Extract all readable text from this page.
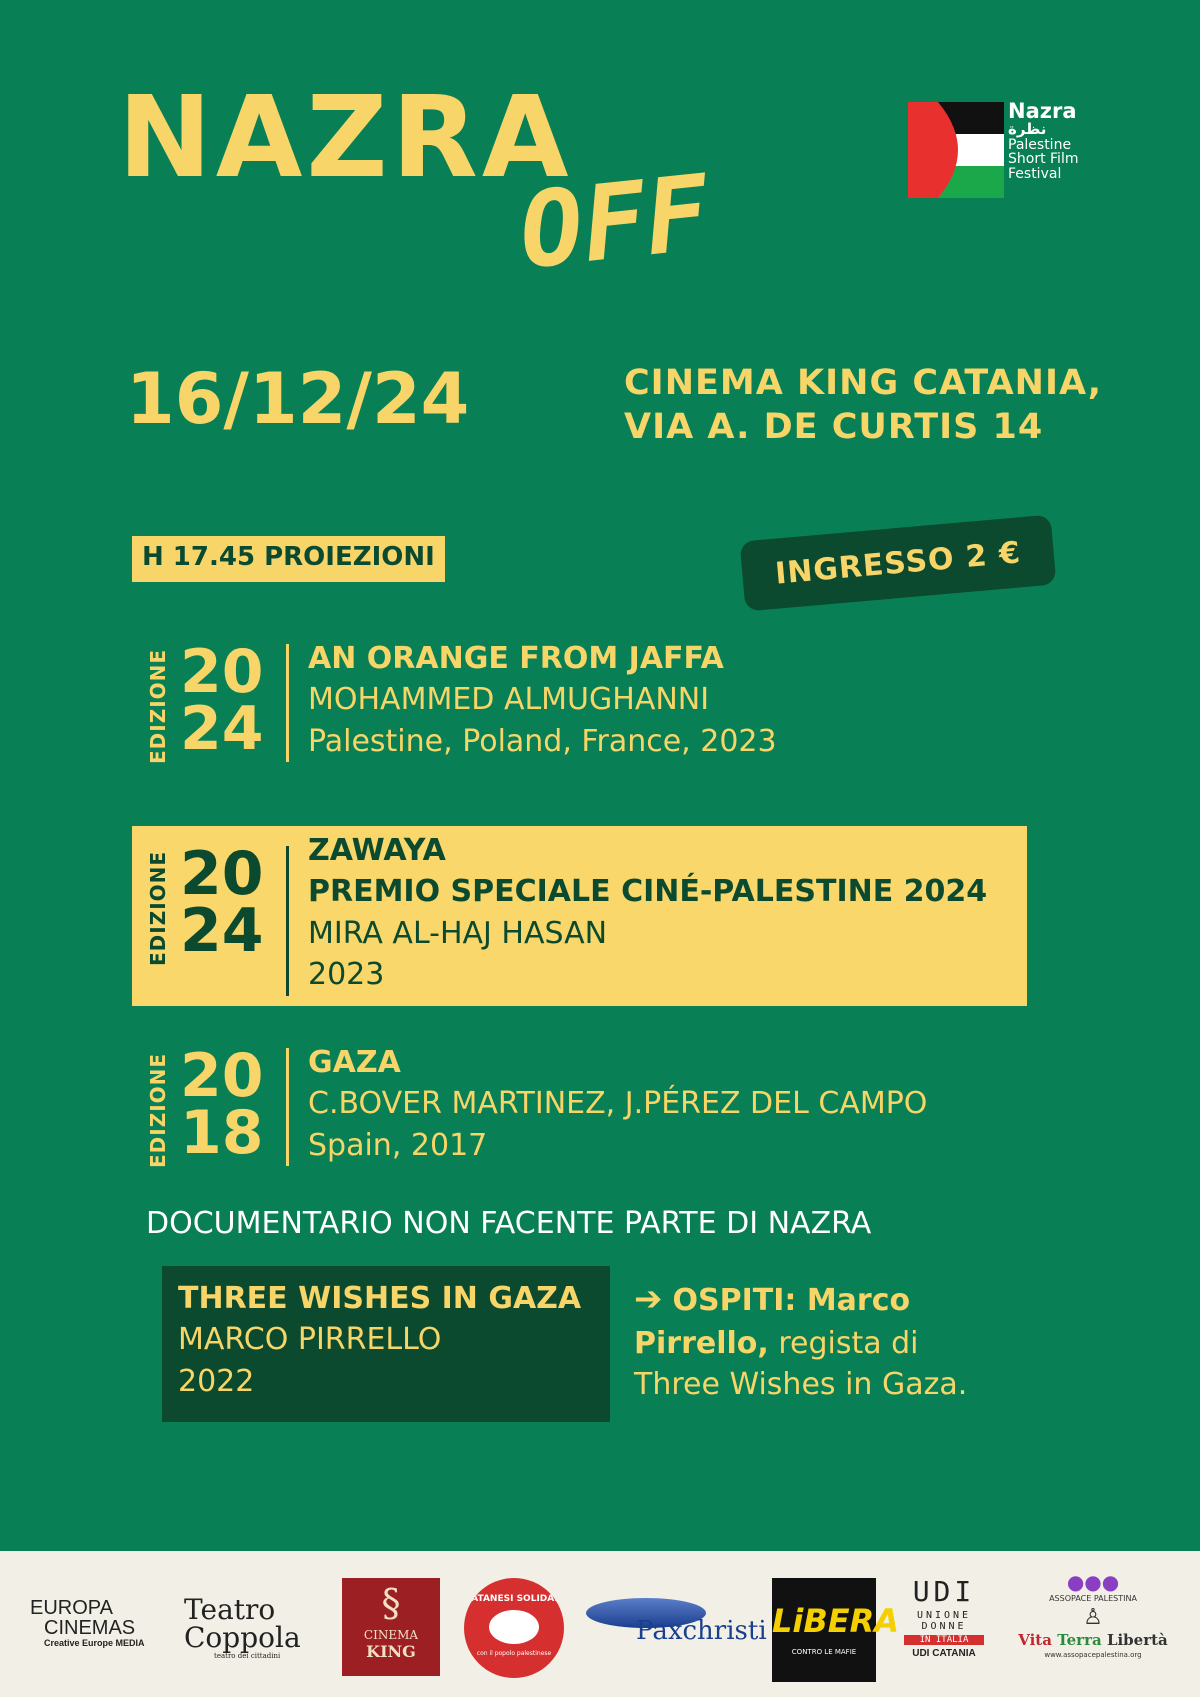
NAZRA
OFF
Nazra
نظرة
Palestine
Short Film
Festival
16/12/24	CINEMA KING CATANIA,
VIA A. DE CURTIS 14
H 17.45 PROIEZIONI	INGRESSO 2 €
EDIZIONE 20
24
AN ORANGE FROM JAFFA
MOHAMMED ALMUGHANNI
Palestine, Poland, France, 2023
EDIZIONE 20
24
ZAWAYA
PREMIO SPECIALE CINÉ-PALESTINE 2024
MIRA AL-HAJ HASAN
2023
EDIZIONE 20
18
GAZA
C.BOVER MARTINEZ, J.PÉREZ DEL CAMPO
Spain, 2017
DOCUMENTARIO NON FACENTE PARTE DI NAZRA
THREE WISHES IN GAZA
MARCO PIRRELLO
2022
➔ OSPITI: Marco
Pirrello, regista di
Three Wishes in Gaza.
EUROPA
CINEMAS
Creative Europe MEDIA
Teatro
Coppola
teatro dei cittadini
§
CINEMA
KING
CATANESI SOLIDALI
con il popolo palestinese
Paxchristi LiBERA
CONTRO LE MAFIE
UDI
UNIONE
DONNE
IN ITALIA
UDI CATANIA
●●●
ASSOPACE PALESTINA
♙
Vita Terra Libertà
www.assopacepalestina.org
